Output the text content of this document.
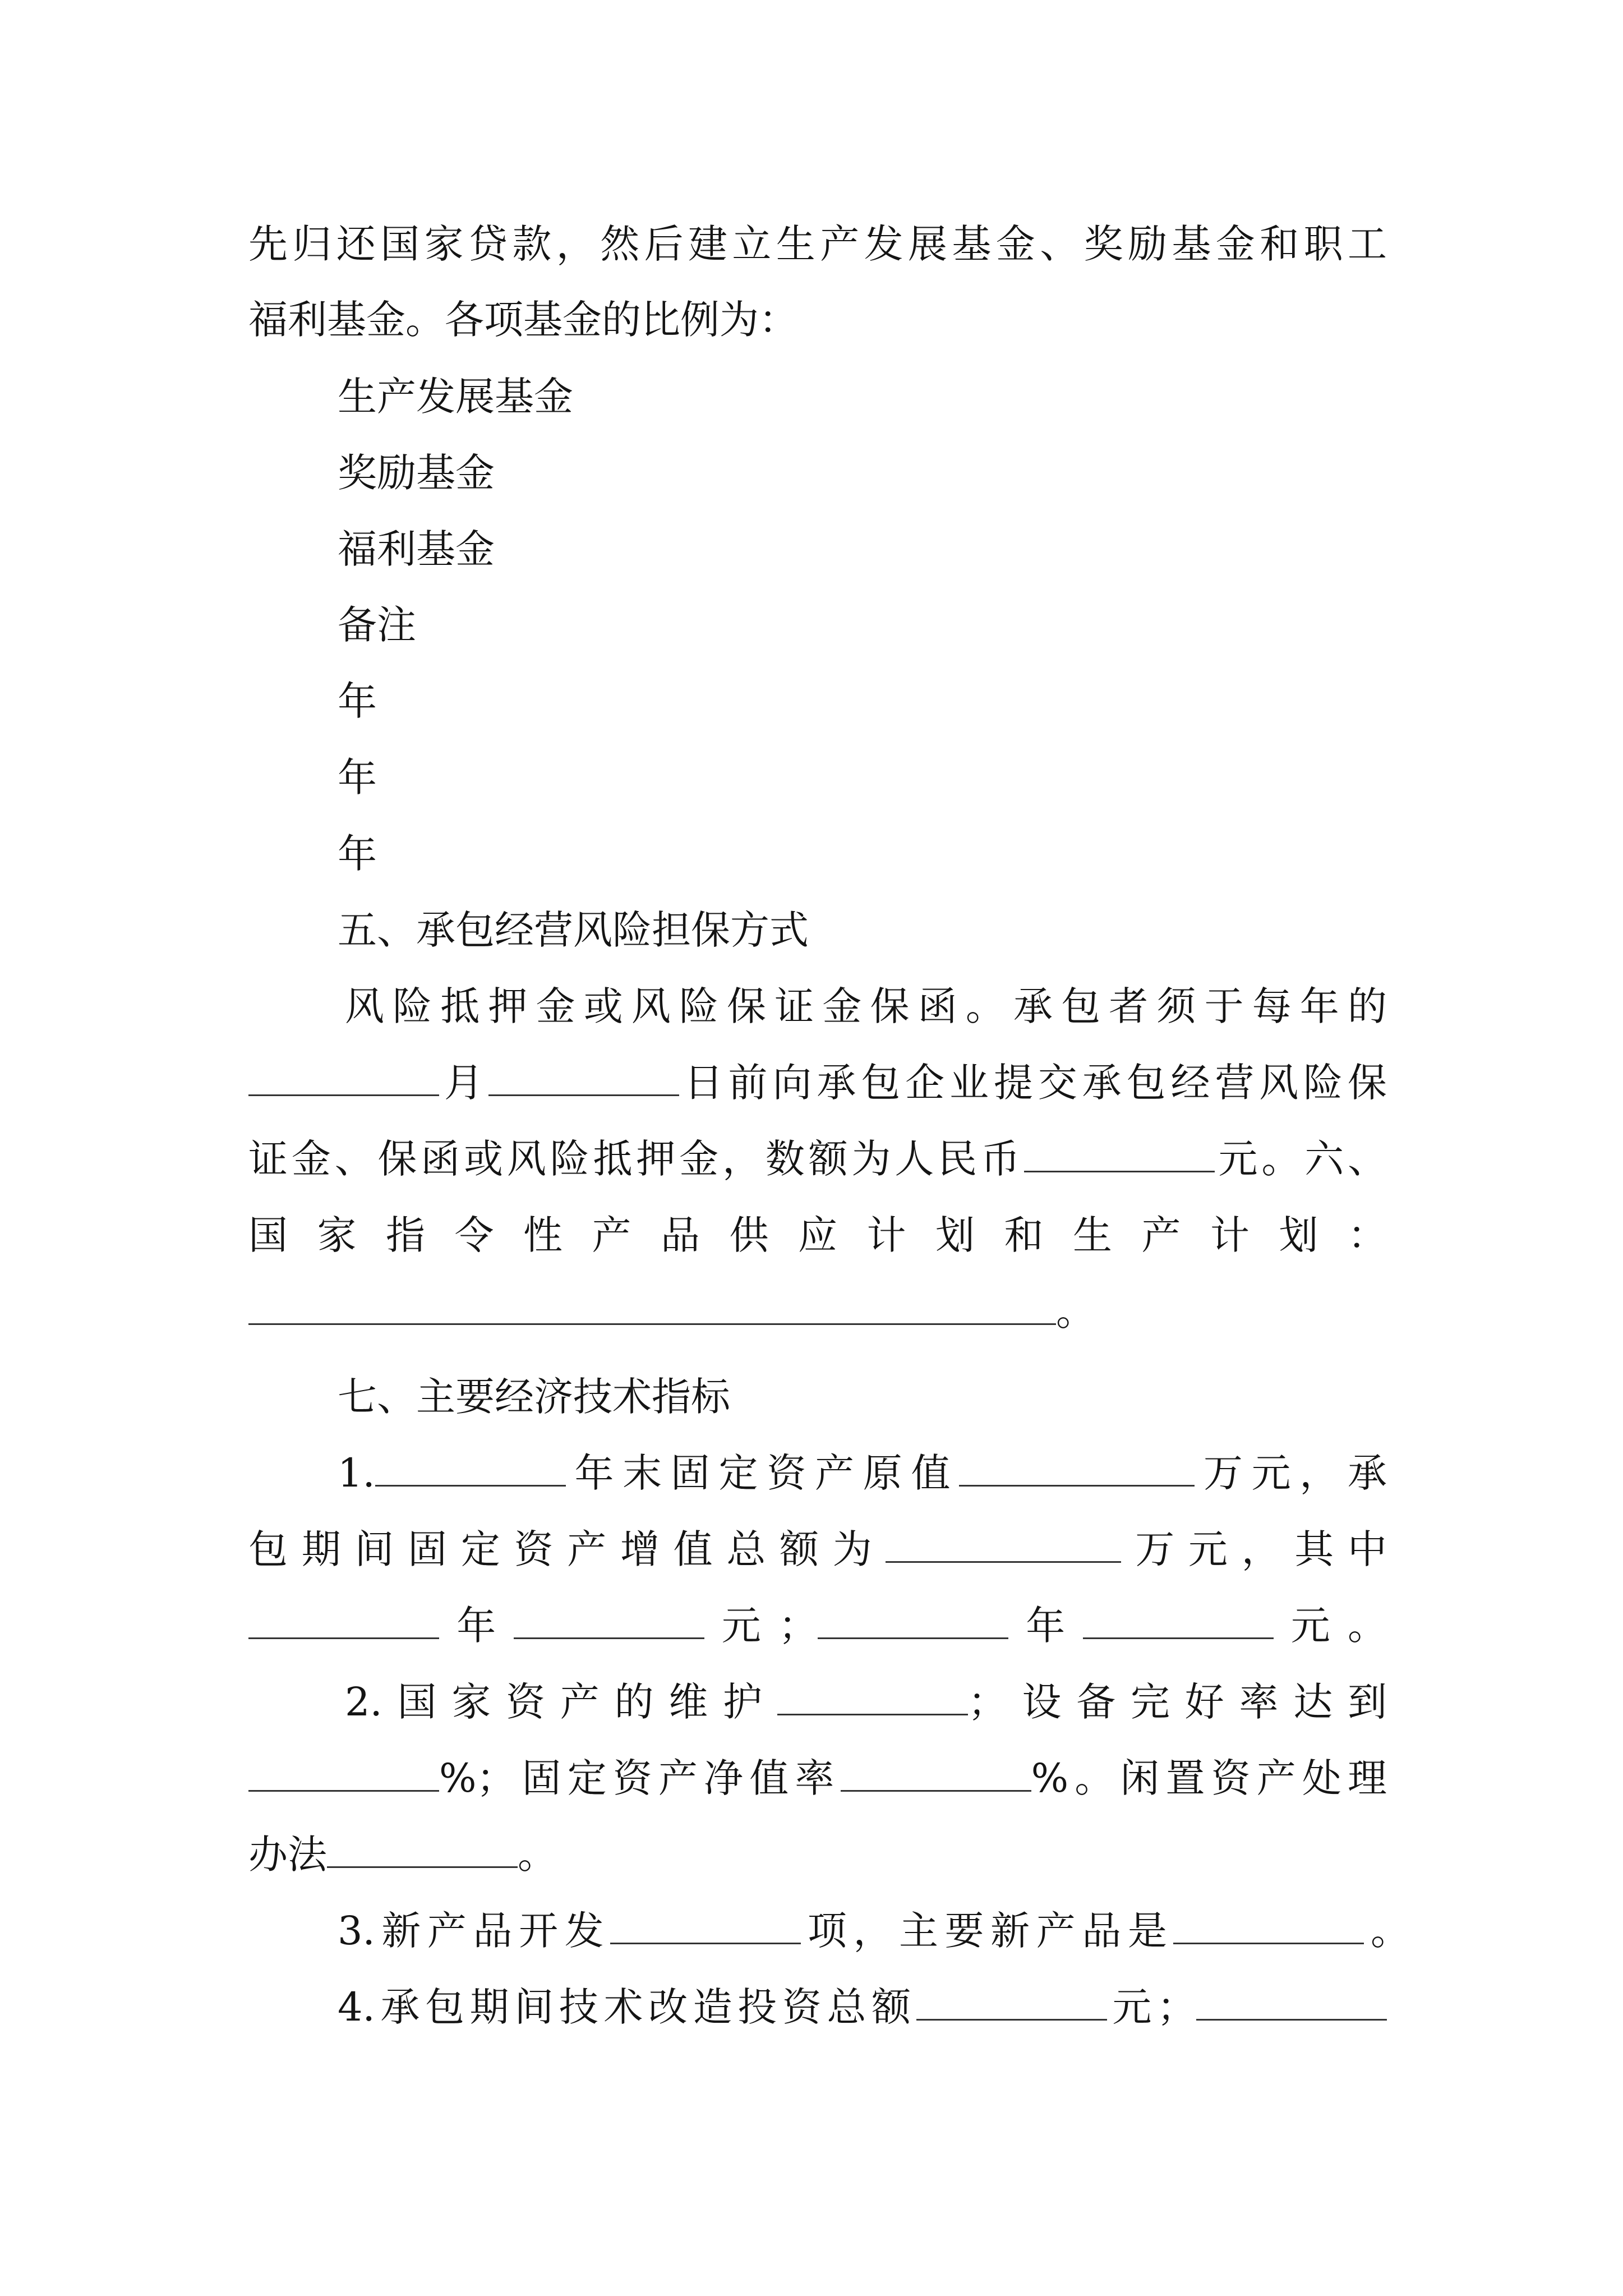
先归还国家贷款，然后建立生产发展基金、奖励基金和职工
福利基金。各项基金的比例为：
生产发展基金
奖励基金
福利基金
备注
年
年
年
五、承包经营风险担保方式
风险抵押金或风险保证金保函。承包者须于每年的
月	日前向承包企业提交承包经营风险保
证金、保函或风险抵押金，数额为人民币	元。六、
国家指令性产品供应计划和生产计划：
。
七、主要经济技术指标
1.	年末固定资产原值	万元，承
包期间固定资产增值总额为	万元，其中
年	元；	年	元。
2.国家资产的维护	；设备完好率达到
%；固定资产净值率	%。闲置资产处理
办法	。
3.新产品开发	项，主要新产品是	。
4.承包期间技术改造投资总额	元；
